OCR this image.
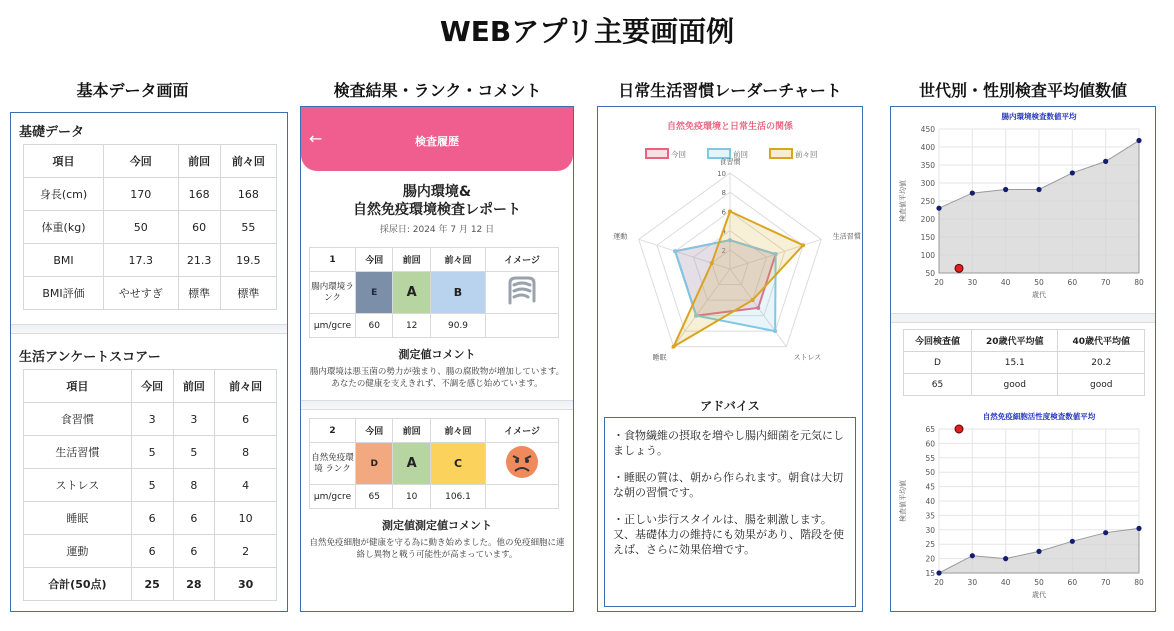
WEBアプリ主要画面例
基本データ画面	検査結果・ランク・コメント	日常生活習慣レーダーチャート	世代別・性別検査平均値数値
基礎データ
項目	今回	前回	前々回
身長(cm)	170	168	168
体重(kg)	50	60	55
BMI	17.3	21.3	19.5
BMI評価	やせすぎ	標準	標準
生活アンケートスコアー
項目	今回	前回	前々回
食習慣	3	3	6
生活習慣	5	5	8
ストレス	5	8	4
睡眠	6	6	10
運動	6	6	2
合計(50点)	25	28	30
←	検査履歴
腸内環境&
自然免疫環境検査レポート
採尿日: 2024 年 7 月 12 日
1	今回	前回	前々回	イメージ
腸内環境ランク	E	A	B	
μm/gcre	60	12	90.9	
測定値コメント
腸内環境は悪玉菌の勢力が強まり、腸の腐敗物が増加しています。あなたの健康を支えきれず、不調を感じ始めています。
2	今回	前回	前々回	イメージ
自然免疫環境 ランク	D	A	C	
μm/gcre	65	10	106.1	
測定値測定値コメント
自然免疫細胞が健康を守る為に動き始めました。他の免疫細胞に連絡し異物と戦う可能性が高まっています。
自然免疫環境と日常生活の関係
今回	前回	前々回
2
4
6
8
10
食習慣
生活習慣
ストレス
睡眠
運動
アドバイス

・食物繊維の摂取を増やし腸内細菌を元気にしましょう。

・睡眠の質は、朝から作られます。朝食は大切な朝の習慣です。

・正しい歩行スタイルは、腸を刺激します。又、基礎体力の維持にも効果があり、階段を使えば、さらに効果倍増です。

腸内環境検査数値平均
50
100
150
200
250
300
350
400
450
20	30	40	50	60	70	80
歳代
検査値平均値
今回検査値	20歳代平均値	40歳代平均値
D	15.1	20.2
65	good	good
自然免疫細胞活性度検査数値平均
15
20
25
30
35
40
45
50
55
60
65
20	30	40	50	60	70	80
歳代
検査値平均値
